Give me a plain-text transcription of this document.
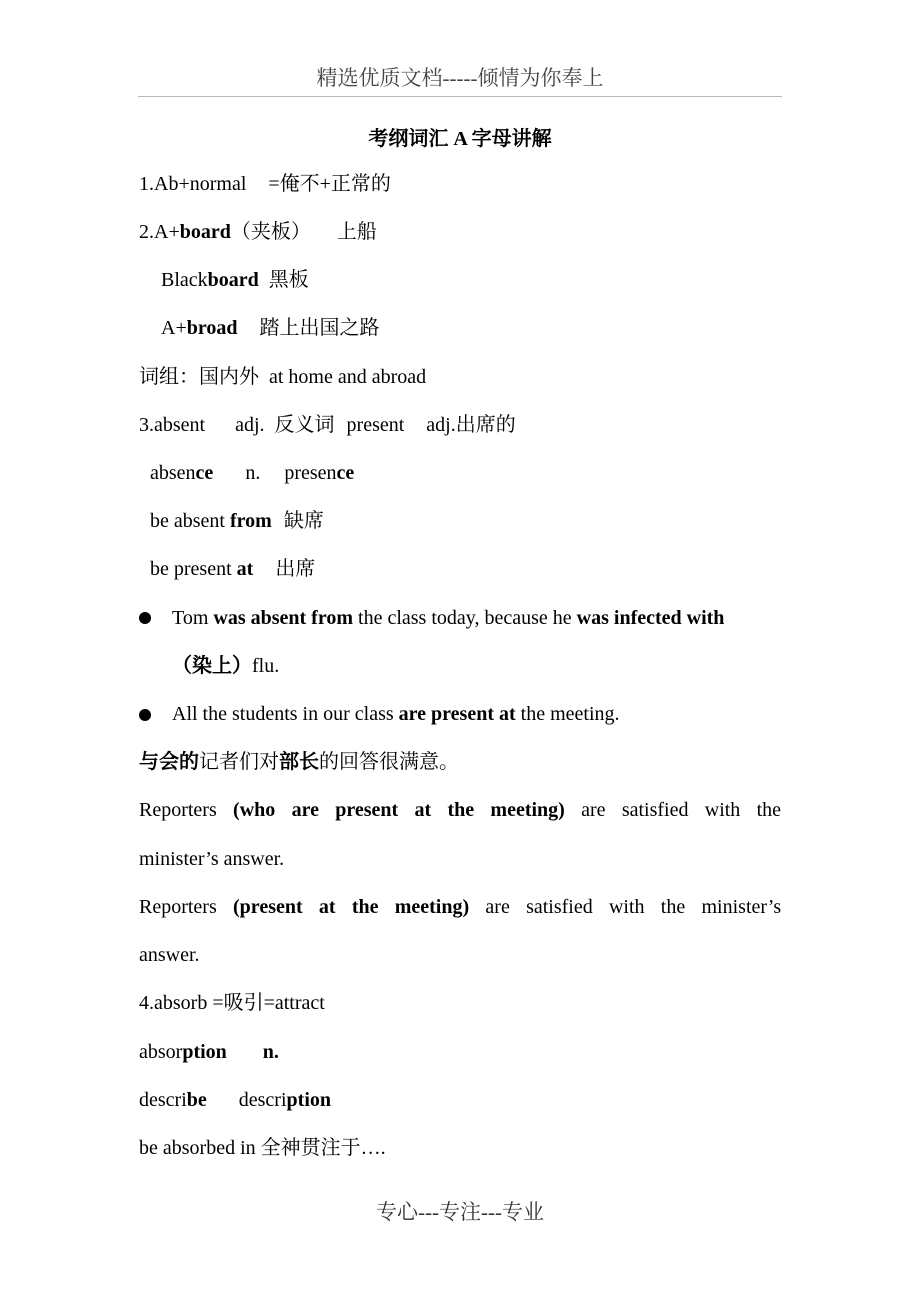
精选优质文档-----倾情为你奉上
考纲词汇 A 字母讲解
1.Ab+normal =俺不+正常的
2.A+board（夹板） 上船
Blackboard 黑板
A+broad 踏上出国之路
词组：国内外 at home and abroad
3.absent adj. 反义词 present adj.出席的
absence n. presence
be absent from 缺席
be present at 出席
Tom was absent from the class today, because he was infected with
（染上）flu.
All the students in our class are present at the meeting.
与会的记者们对部长的回答很满意。
Reporters (who are present at the meeting) are satisfied with the
minister’s answer.
Reporters (present at the meeting) are satisfied with the minister’s
answer.
4.absorb =吸引=attract
absorption n.
describe description
be absorbed in 全神贯注于….
专心---专注---专业
